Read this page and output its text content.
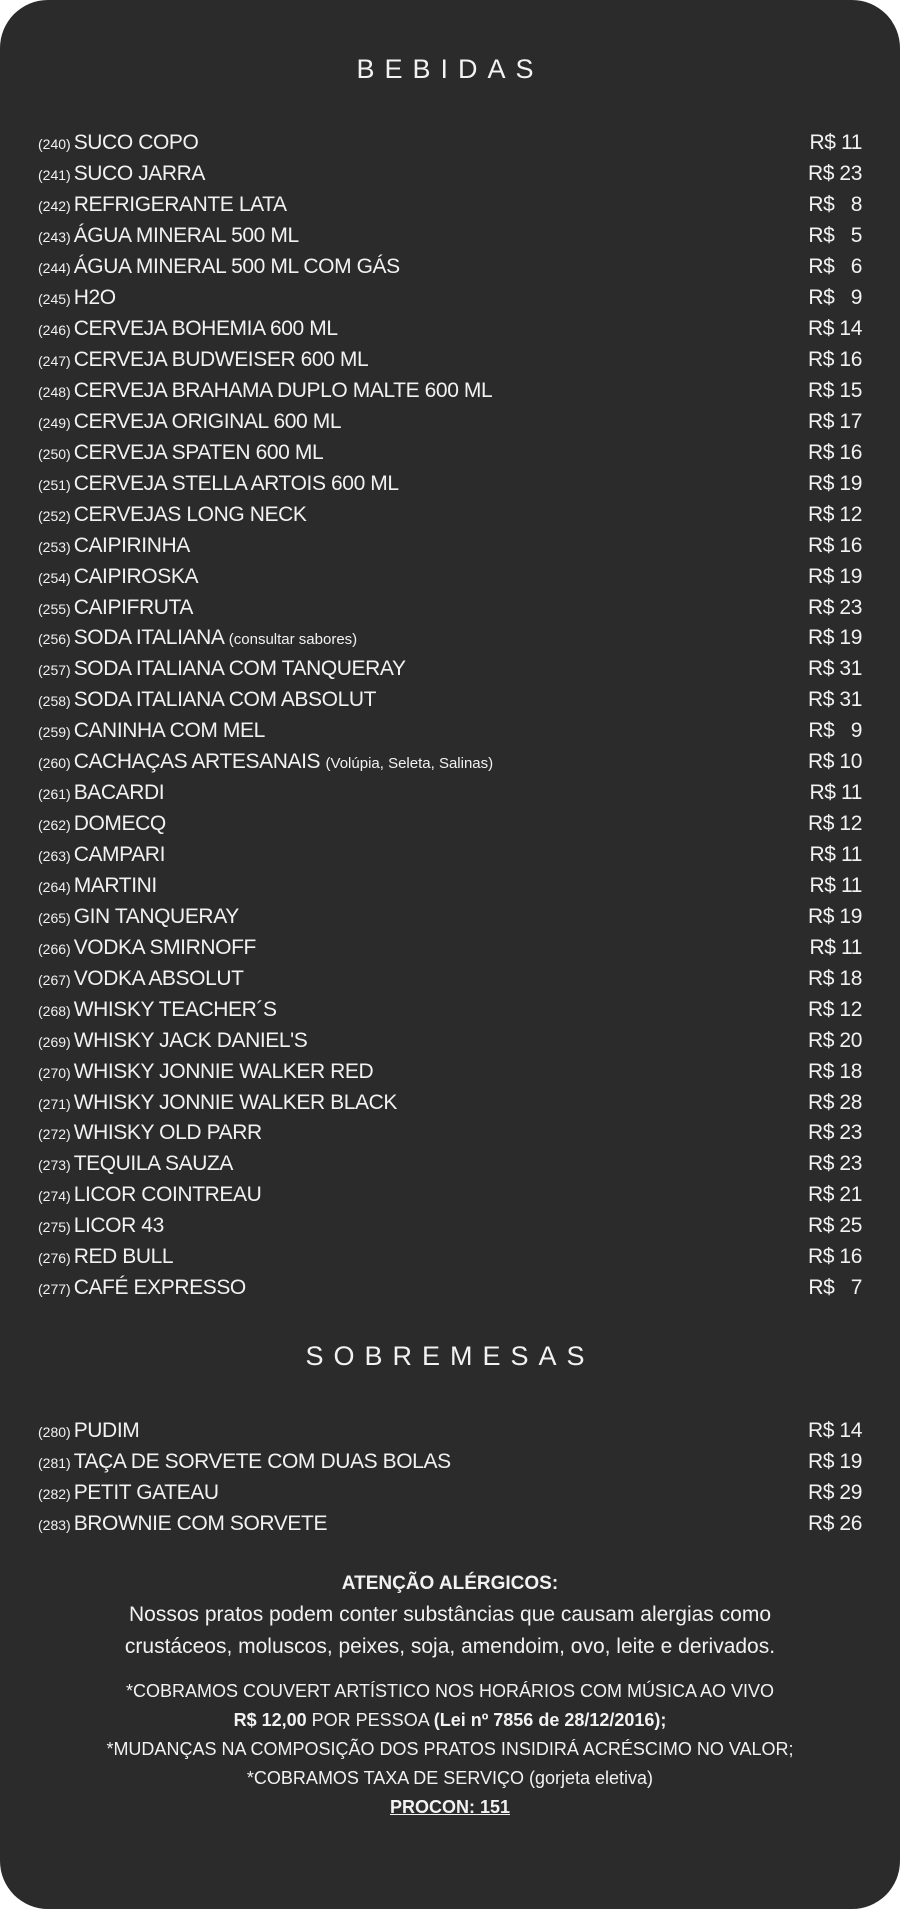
BEBIDAS
(240) SUCO COPO	R$ 11
(241) SUCO JARRA	R$ 23
(242) REFRIGERANTE LATA	R$   8
(243) ÁGUA MINERAL 500 ML	R$   5
(244) ÁGUA MINERAL 500 ML COM GÁS	R$   6
(245) H2O	R$   9
(246) CERVEJA BOHEMIA 600 ML	R$ 14
(247) CERVEJA BUDWEISER 600 ML	R$ 16
(248) CERVEJA BRAHAMA DUPLO MALTE 600 ML	R$ 15
(249) CERVEJA ORIGINAL 600 ML	R$ 17
(250) CERVEJA SPATEN 600 ML	R$ 16
(251) CERVEJA STELLA ARTOIS 600 ML	R$ 19
(252) CERVEJAS LONG NECK	R$ 12
(253) CAIPIRINHA	R$ 16
(254) CAIPIROSKA	R$ 19
(255) CAIPIFRUTA	R$ 23
(256) SODA ITALIANA (consultar sabores)	R$ 19
(257) SODA ITALIANA COM TANQUERAY	R$ 31
(258) SODA ITALIANA COM ABSOLUT	R$ 31
(259) CANINHA COM MEL	R$   9
(260) CACHAÇAS ARTESANAIS (Volúpia, Seleta, Salinas)	R$ 10
(261) BACARDI	R$ 11
(262) DOMECQ	R$ 12
(263) CAMPARI	R$ 11
(264) MARTINI	R$ 11
(265) GIN TANQUERAY	R$ 19
(266) VODKA SMIRNOFF	R$ 11
(267) VODKA ABSOLUT	R$ 18
(268) WHISKY TEACHER´S	R$ 12
(269) WHISKY JACK DANIEL'S	R$ 20
(270) WHISKY JONNIE WALKER RED	R$ 18
(271) WHISKY JONNIE WALKER BLACK	R$ 28
(272) WHISKY OLD PARR	R$ 23
(273) TEQUILA SAUZA	R$ 23
(274) LICOR COINTREAU	R$ 21
(275) LICOR 43	R$ 25
(276) RED BULL	R$ 16
(277) CAFÉ EXPRESSO	R$   7
SOBREMESAS
(280) PUDIM	R$ 14
(281) TAÇA DE SORVETE COM DUAS BOLAS	R$ 19
(282) PETIT GATEAU	R$ 29
(283) BROWNIE COM SORVETE	R$ 26
ATENÇÃO ALÉRGICOS:
Nossos pratos podem conter substâncias que causam alergias como
crustáceos, moluscos, peixes, soja, amendoim, ovo, leite e derivados.
*COBRAMOS COUVERT ARTÍSTICO NOS HORÁRIOS COM MÚSICA AO VIVO
R$ 12,00 POR PESSOA (Lei nº 7856 de 28/12/2016);
*MUDANÇAS NA COMPOSIÇÃO DOS PRATOS INSIDIRÁ ACRÉSCIMO NO VALOR;
*COBRAMOS TAXA DE SERVIÇO (gorjeta eletiva)
PROCON: 151
